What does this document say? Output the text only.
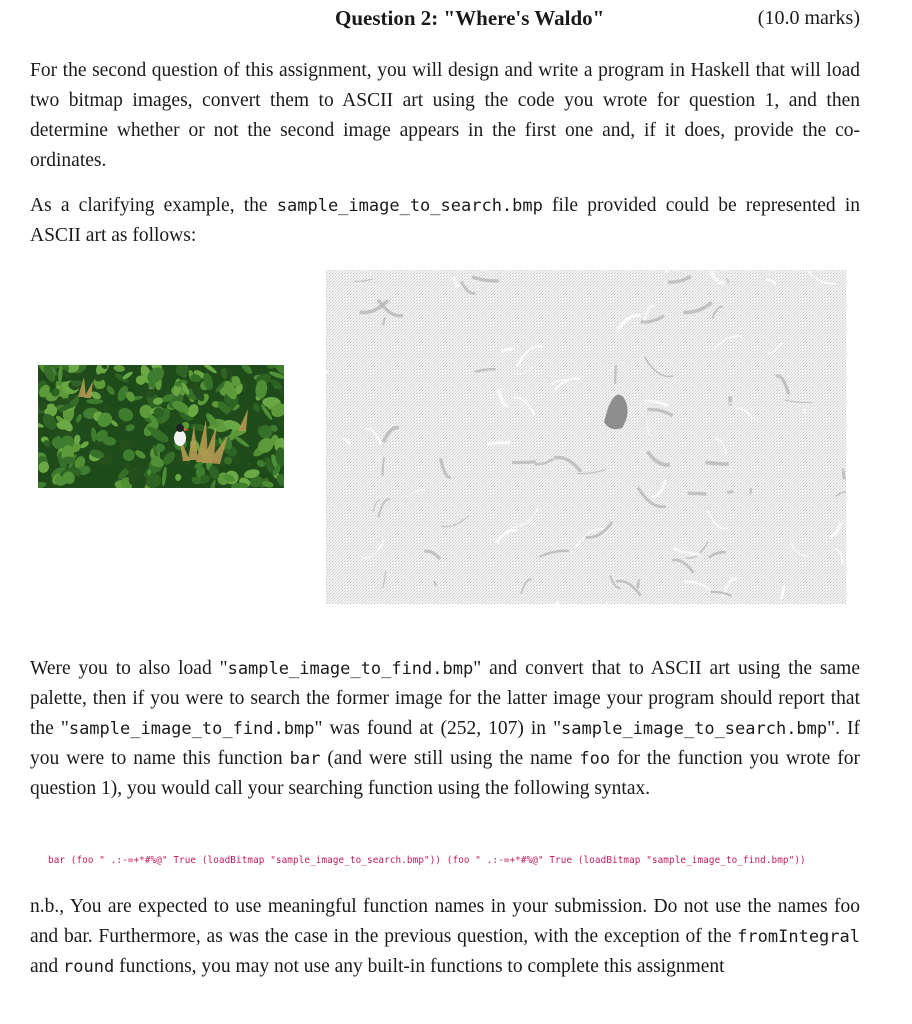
Question 2: "Where's Waldo"	(10.0 marks)

For the second question of this assignment, you will design and write a program in Haskell that will load two bitmap images, convert them to ASCII art using the code you wrote for question 1, and then determine whether or not the second image appears in the first one and, if it does, provide the co-ordinates.

As a clarifying example, the sample_image_to_search.bmp file provided could be represented in ASCII art as follows:

Were you to also load "sample_image_to_find.bmp" and convert that to ASCII art using the same palette, then if you were to search the former image for the latter image your program should report that the "sample_image_to_find.bmp" was found at (252, 107) in "sample_image_to_search.bmp". If you were to name this function bar (and were still using the name foo for the function you wrote for question 1), you would call your searching function using the following syntax.

bar (foo " .:-=+*#%@" True (loadBitmap "sample_image_to_search.bmp")) (foo " .:-=+*#%@" True (loadBitmap "sample_image_to_find.bmp"))

n.b., You are expected to use meaningful function names in your submission. Do not use the names foo and bar. Furthermore, as was the case in the previous question, with the exception of the fromIntegral and round functions, you may not use any built-in functions to complete this assignment
